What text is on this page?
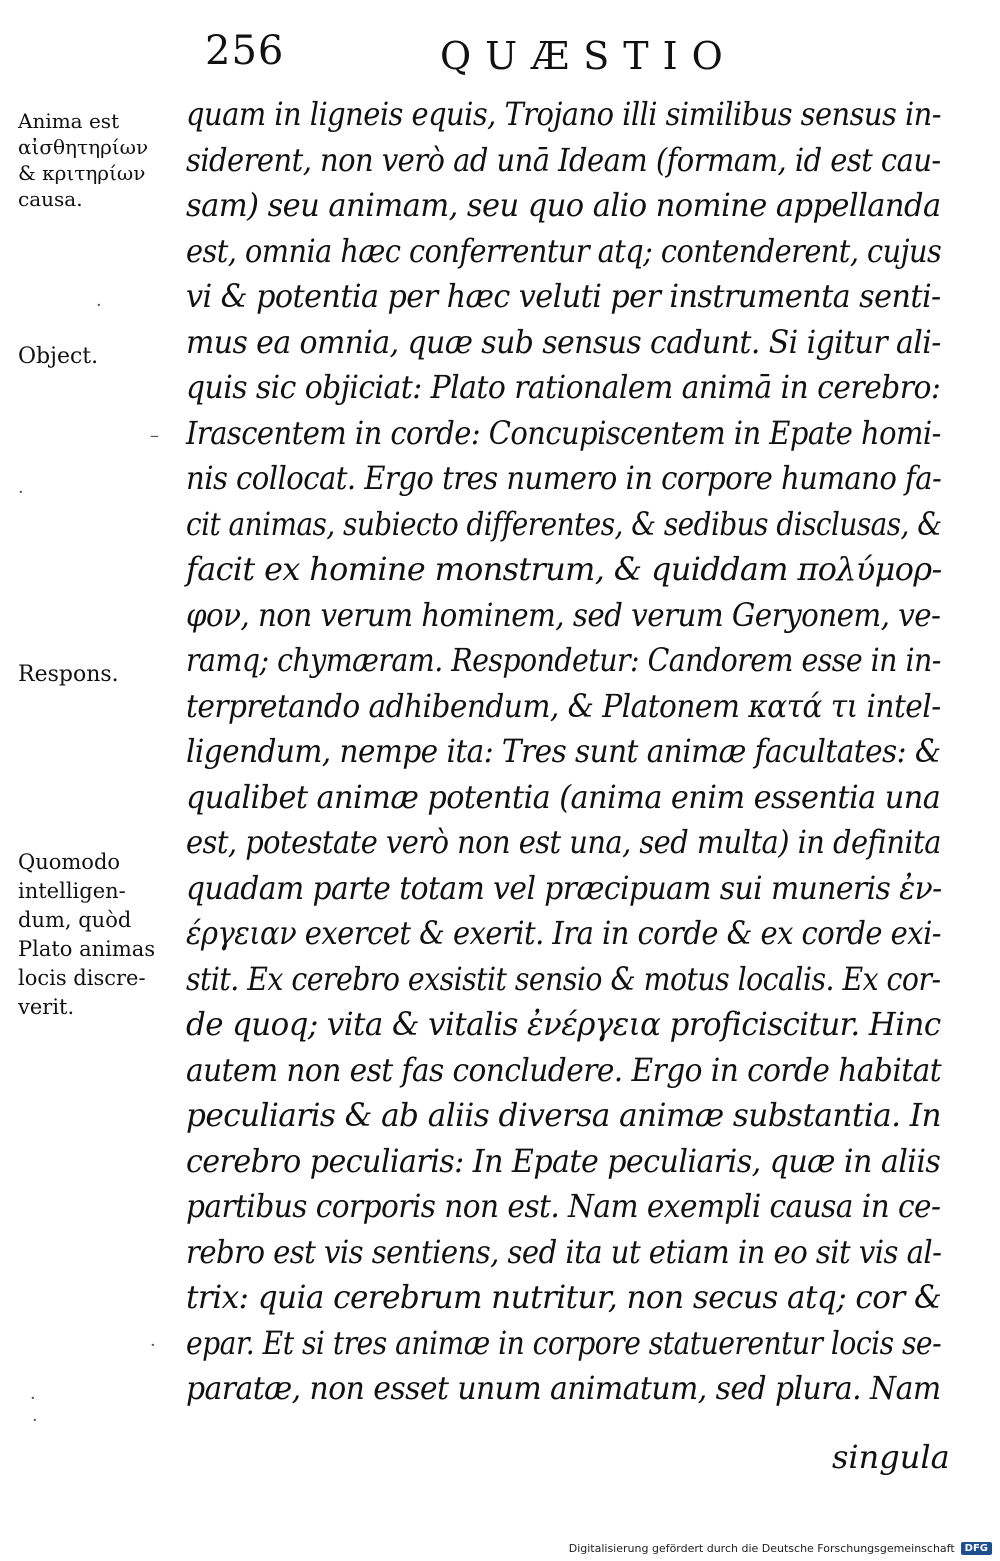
256	QUÆSTIO
Anima est
αἰσθητηρίων
& κριτηρίων
causa.
Object.
Respons.
Quomodo
intelligen-
dum, quòd
Plato animas
locis discre-
verit.
quam in ligneis equis, Trojano illi similibus sensus in-
siderent, non verò ad unā Ideam (formam, id est cau-
sam) seu animam, seu quo alio nomine appellanda
est, omnia hæc conferrentur atq; contenderent, cujus
vi & potentia per hæc veluti per instrumenta senti-
mus ea omnia, quæ sub sensus cadunt. Si igitur ali-
quis sic objiciat: Plato rationalem animā in cerebro:
Irascentem in corde: Concupiscentem in Epate homi-
nis collocat. Ergo tres numero in corpore humano fa-
cit animas, subiecto differentes, & sedibus disclusas, &
facit ex homine monstrum, & quiddam πολύμορ-
φον, non verum hominem, sed verum Geryonem, ve-
ramq; chymæram. Respondetur: Candorem esse in in-
terpretando adhibendum, & Platonem κατά τι intel-
ligendum, nempe ita: Tres sunt animæ facultates: &
qualibet animæ potentia (anima enim essentia una
est, potestate verò non est una, sed multa) in definita
quadam parte totam vel præcipuam sui muneris ἐν-
έργειαν exercet & exerit. Ira in corde & ex corde exi-
stit. Ex cerebro exsistit sensio & motus localis. Ex cor-
de quoq; vita & vitalis ἐνέργεια proficiscitur. Hinc
autem non est fas concludere. Ergo in corde habitat
peculiaris & ab aliis diversa animæ substantia. In
cerebro peculiaris: In Epate peculiaris, quæ in aliis
partibus corporis non est. Nam exempli causa in ce-
rebro est vis sentiens, sed ita ut etiam in eo sit vis al-
trix: quia cerebrum nutritur, non secus atq; cor &
epar. Et si tres animæ in corpore statuerentur locis se-
paratæ, non esset unum animatum, sed plura. Nam
singula
·
–
·
·
·
·
Digitalisierung gefördert durch die Deutsche Forschungsgemeinschaft	DFG
